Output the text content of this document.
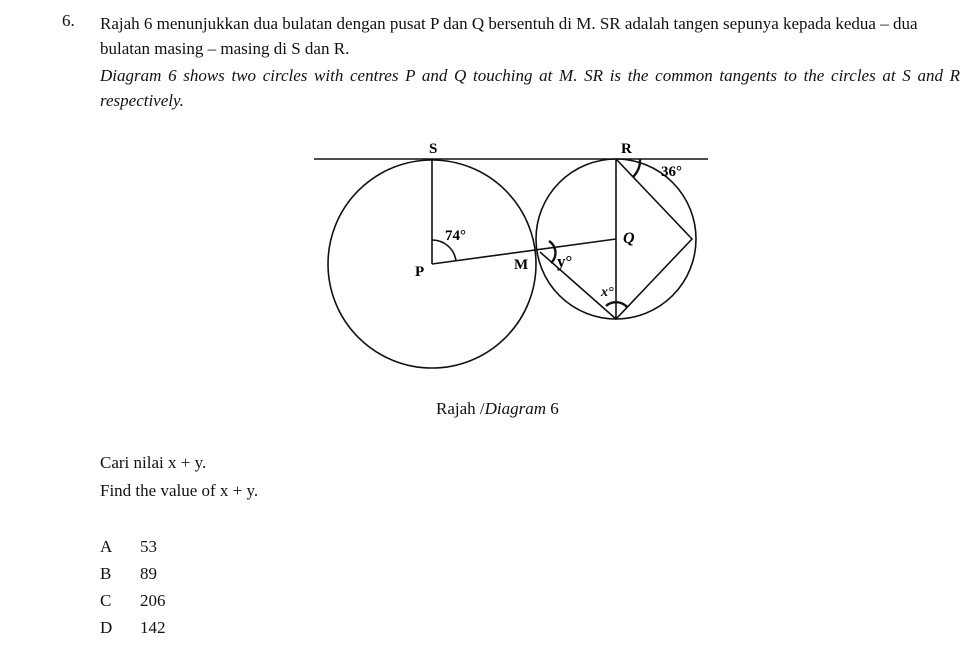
6. Rajah 6 menunjukkan dua bulatan dengan pusat P dan Q bersentuh di M. SR adalah tangen sepunya kepada kedua – dua bulatan masing – masing di S dan R.

Diagram 6 shows two circles with centres P and Q touching at M. SR is the common tangents to the circles at S and R respectively.

S	R
P
Q
M
74°
36°
y°
x°
Rajah /Diagram 6
Cari nilai x + y.
Find the value of x + y.
A 53
B 89
C 206
D 142
